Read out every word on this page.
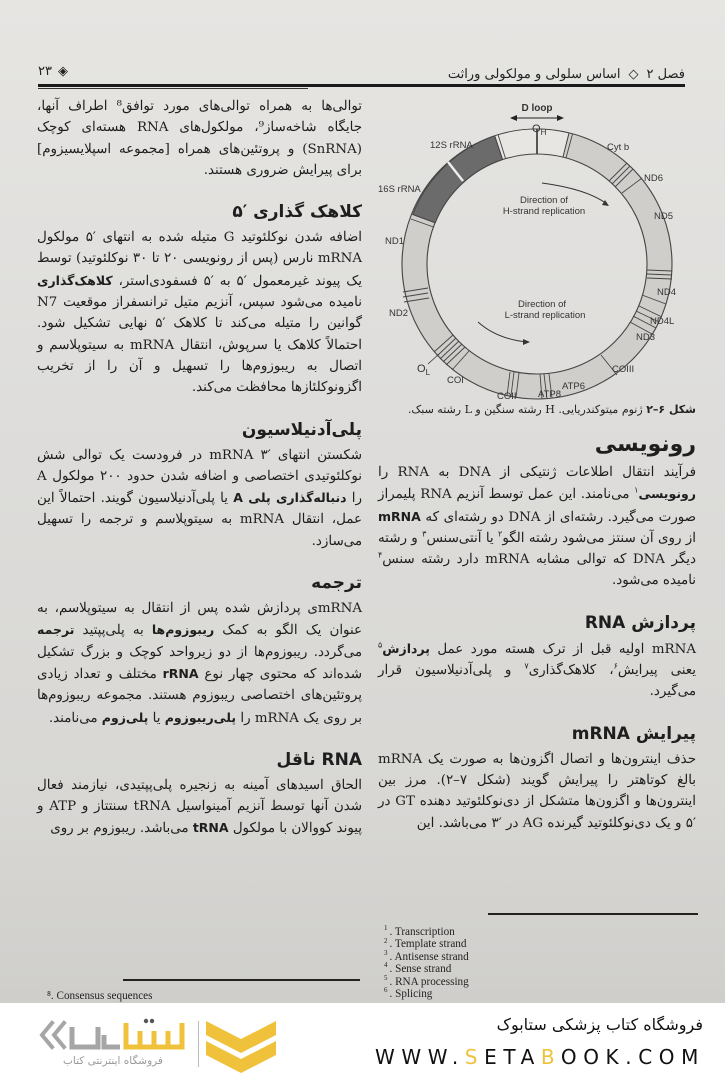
فصل ۲
◇
اساس سلولی و مولکولی وراثت
◈
۲۳

توالی‌ها به همراه توالی‌های مورد توافق⁸ اطراف آنها، جایگاه شاخه‌ساز⁹، مولکول‌های RNA هسته‌ای کوچک (SnRNA) و پروتئین‌های همراه [مجموعه اسپلایسیزوم] برای پیرایش ضروری هستند.

کلاهک گذاری ′۵

اضافه شدن نوکلئوتید G متیله شده به انتهای ′۵ مولکول mRNA نارس (پس از رونویسی ۲۰ تا ۳۰ نوکلئوتید) توسط یک پیوند غیرمعمول ′۵ به ′۵ فسفودی‌استر، کلاهک‌گذاری نامیده می‌شود سپس، آنزیم متیل ترانسفراز موقعیت N7 گوانین را متیله می‌کند تا کلاهک ′۵ نهایی تشکیل شود. احتمالاً کلاهک یا سرپوش، انتقال mRNA به سیتوپلاسم و اتصال به ریبوزوم‌ها را تسهیل و آن را از تخریب اگزونوکلئازها محافظت می‌کند.

پلی‌آدنیلاسیون

شکستن انتهای ′۳ mRNA در فرودست یک توالی شش نوکلئوتیدی اختصاصی و اضافه شدن حدود ۲۰۰ مولکول A را دنباله‌گذاری پلی A یا پلی‌آدنیلاسیون گویند. احتمالاً این عمل، انتقال mRNA به سیتوپلاسم و ترجمه را تسهیل می‌سازد.

ترجمه

mRNAی پردازش شده پس از انتقال به سیتوپلاسم، به عنوان یک الگو به کمک ریبوزوم‌ها به پلی‌پپتید ترجمه می‌گردد. ریبوزوم‌ها از دو زیرواحد کوچک و بزرگ تشکیل شده‌اند که محتوی چهار نوع rRNA مختلف و تعداد زیادی پروتئین‌های اختصاصی ریبوزوم هستند. مجموعه ریبوزوم‌ها بر روی یک mRNA را پلی‌ریبوزوم یا پلی‌زوم می‌نامند.

RNA ناقل

الحاق اسیدهای آمینه به زنجیره پلی‌پپتیدی، نیازمند فعال شدن آنها توسط آنزیم آمینواسیل tRNA سنتتاز و ATP و پیوند کووالان با مولکول tRNA می‌باشد. ریبوزوم بر روی

⁸. Consensus sequences
D loop
$O_H$
Direction of
H-strand replication
Direction of
L-strand replication
12S rRNA
16S rRNA
ND1
ND2
$O_L$
COI
COII ATP8
ATP6
COIII
ND3
ND4L
ND4
ND5
ND6
Cyt b
شکل ۶–۲ ژنوم میتوکندریایی. H رشته سنگین و L رشته سبک.
رونویسی

فرآیند انتقال اطلاعات ژنتیکی از DNA به RNA را رونویسی$^۱$ می‌نامند. این عمل توسط آنزیم RNA پلیمراز صورت می‌گیرد. رشته‌ای از DNA دو رشته‌ای که mRNA از روی آن سنتز می‌شود رشته الگو$^۲$ یا آنتی‌سنس$^۳$ و رشته دیگر DNA که توالی مشابه mRNA دارد رشته سنس$^۴$ نامیده می‌شود.

پردازش RNA

mRNA اولیه قبل از ترک هسته مورد عمل پردازش$^۵$ یعنی پیرایش$^۶$، کلاهک‌گذاری$^۷$ و پلی‌آدنیلاسیون قرار می‌گیرد.

پیرایش mRNA

حذف اینترون‌ها و اتصال اگزون‌ها به صورت یک mRNA بالغ کوتاهتر را پیرایش گویند (شکل ۷–۲). مرز بین اینترون‌ها و اگزون‌ها متشکل از دی‌نوکلئوتید دهنده GT در ′۵ و یک دی‌نوکلئوتید گیرنده AG در ′۳ می‌باشد. این

$^1$ . Transcription
$^2$ . Template strand
$^3$ . Antisense strand
$^4$ . Sense strand
$^5$ . RNA processing
$^6$ . Splicing
فروشگاه اینترنتی کتاب
فروشگاه کتاب پزشکی ستابوک
WWW.SETABOOK.COM
